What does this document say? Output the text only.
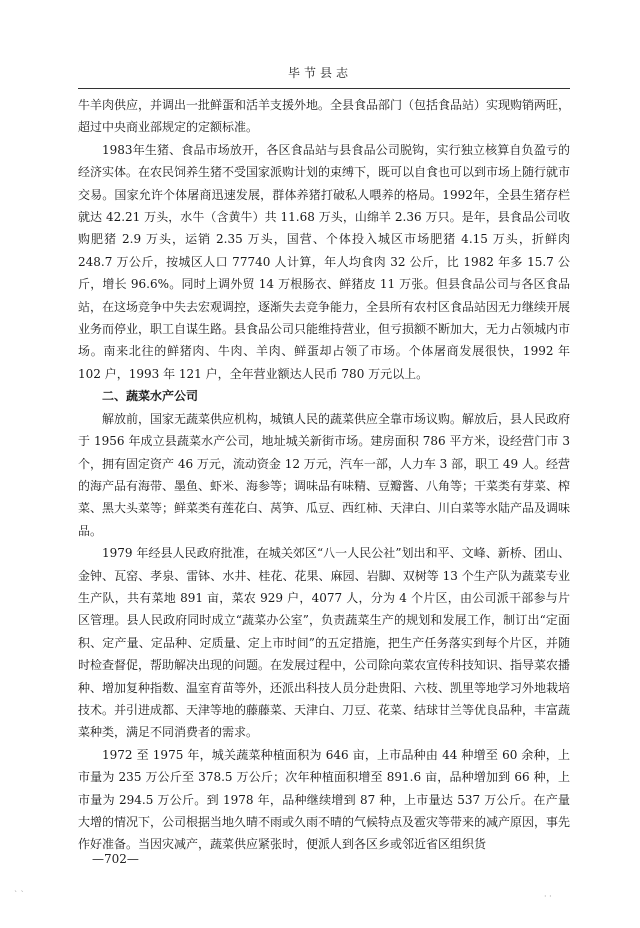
毕节县志

牛羊肉供应，并调出一批鲜蛋和活羊支援外地。全县食品部门（包括食品站）实现购销两旺，超过中央商业部规定的定额标准。

1983年生猪、食品市场放开，各区食品站与县食品公司脱钩，实行独立核算自负盈亏的经济实体。在农民饲养生猪不受国家派购计划的束缚下，既可以自食也可以到市场上随行就市交易。国家允许个体屠商迅速发展，群体养猪打破私人喂养的格局。1992年，全县生猪存栏就达 42.21 万头，水牛（含黄牛）共 11.68 万头，山绵羊 2.36 万只。是年，县食品公司收购肥猪 2.9 万头，运销 2.35 万头，国营、个体投入城区市场肥猪 4.15 万头，折鲜肉 248.7 万公斤，按城区人口 77740 人计算，年人均食肉 32 公斤，比 1982 年多 15.7 公斤，增长 96.6%。同时上调外贸 14 万根肠衣、鲜猪皮 11 万张。但县食品公司与各区食品站，在这场竞争中失去宏观调控，逐渐失去竞争能力，全县所有农村区食品站因无力继续开展业务而停业，职工自谋生路。县食品公司只能维持营业，但亏损额不断加大，无力占领城内市场。南来北往的鲜猪肉、牛肉、羊肉、鲜蛋却占领了市场。个体屠商发展很快，1992 年 102 户，1993 年 121 户，全年营业额达人民币 780 万元以上。

二、蔬菜水产公司

解放前，国家无蔬菜供应机构，城镇人民的蔬菜供应全靠市场议购。解放后，县人民政府于 1956 年成立县蔬菜水产公司，地址城关新街市场。建房面积 786 平方米，设经营门市 3 个，拥有固定资产 46 万元，流动资金 12 万元，汽车一部，人力车 3 部，职工 49 人。经营的海产品有海带、墨鱼、虾米、海参等；调味品有味精、豆瓣酱、八角等；干菜类有芽菜、榨菜、黑大头菜等；鲜菜类有莲花白、莴笋、瓜豆、西红柿、天津白、川白菜等水陆产品及调味品。

1979 年经县人民政府批准，在城关郊区“八一人民公社”划出和平、文峰、新桥、团山、金钟、瓦窑、孝泉、雷钵、水井、桂花、花果、麻园、岩脚、双树等 13 个生产队为蔬菜专业生产队，共有菜地 891 亩，菜农 929 户，4077 人，分为 4 个片区，由公司派干部参与片区管理。县人民政府同时成立“蔬菜办公室”，负责蔬菜生产的规划和发展工作，制订出“定面积、定产量、定品种、定质量、定上市时间”的五定措施，把生产任务落实到每个片区，并随时检查督促，帮助解决出现的问题。在发展过程中，公司除向菜农宣传科技知识、指导菜农播种、增加复种指数、温室育苗等外，还派出科技人员分赴贵阳、六枝、凯里等地学习外地栽培技术。并引进成都、天津等地的藤藤菜、天津白、刀豆、花菜、结球甘兰等优良品种，丰富蔬菜种类，满足不同消费者的需求。

1972 至 1975 年，城关蔬菜种植面积为 646 亩，上市品种由 44 种增至 60 余种，上市量为 235 万公斤至 378.5 万公斤；次年种植面积增至 891.6 亩，品种增加到 66 种，上市量为 294.5 万公斤。到 1978 年，品种继续增到 87 种，上市量达 537 万公斤。在产量大增的情况下，公司根据当地久晴不雨或久雨不晴的气候特点及雹灾等带来的减产原因，事先作好准备。当因灾减产，蔬菜供应紧张时，便派人到各区乡或邻近省区组织货

—702—
` `	· ·
